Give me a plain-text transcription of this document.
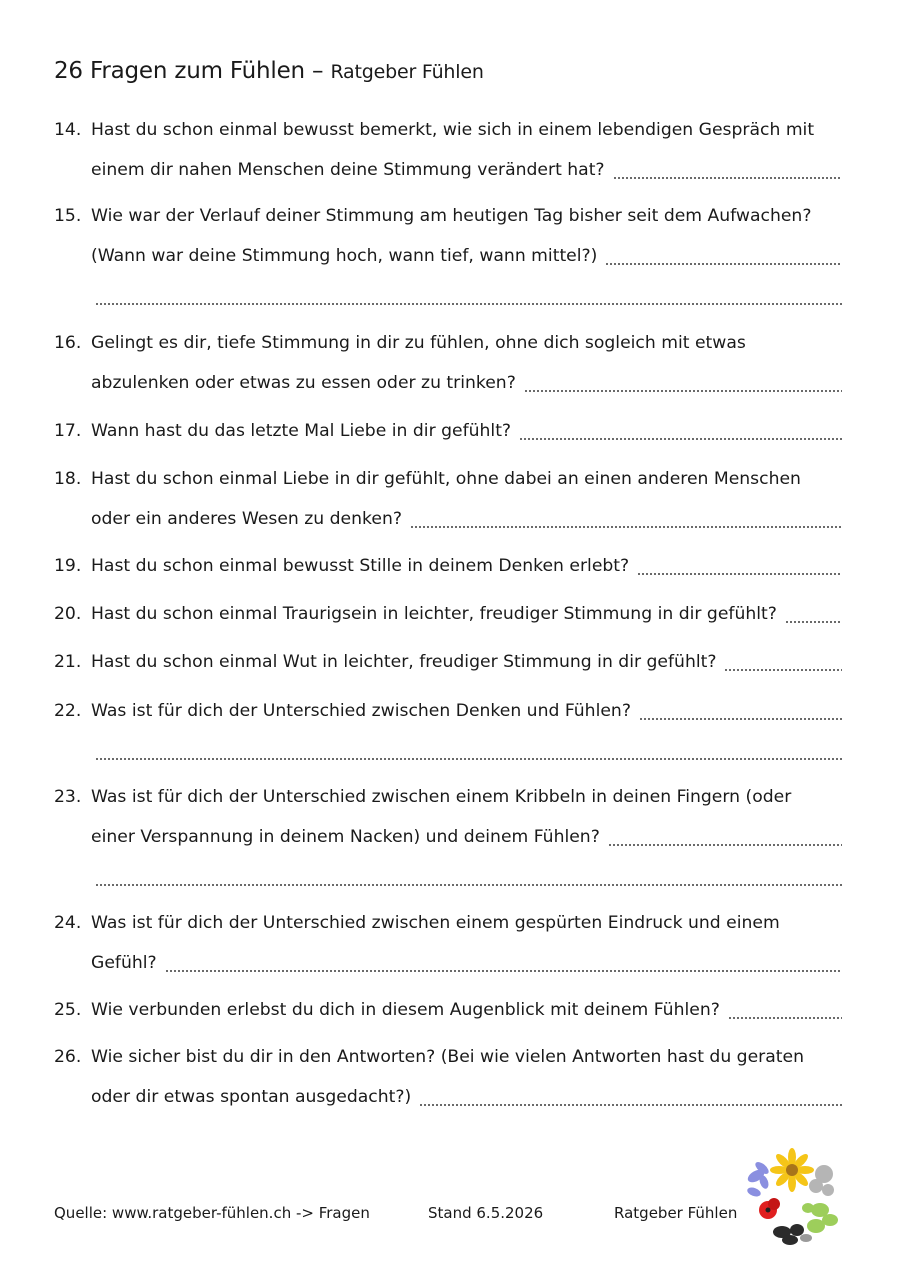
26 Fragen zum Fühlen – Ratgeber Fühlen
14. Hast du schon einmal bewusst bemerkt, wie sich in einem lebendigen Gespräch mit
einem dir nahen Menschen deine Stimmung verändert hat?
15. Wie war der Verlauf deiner Stimmung am heutigen Tag bisher seit dem Aufwachen?
(Wann war deine Stimmung hoch, wann tief, wann mittel?)
16. Gelingt es dir, tiefe Stimmung in dir zu fühlen, ohne dich sogleich mit etwas
abzulenken oder etwas zu essen oder zu trinken?
17. Wann hast du das letzte Mal Liebe in dir gefühlt?
18. Hast du schon einmal Liebe in dir gefühlt, ohne dabei an einen anderen Menschen
oder ein anderes Wesen zu denken?
19. Hast du schon einmal bewusst Stille in deinem Denken erlebt?
20. Hast du schon einmal Traurigsein in leichter, freudiger Stimmung in dir gefühlt?
21. Hast du schon einmal Wut in leichter, freudiger Stimmung in dir gefühlt?
22. Was ist für dich der Unterschied zwischen Denken und Fühlen?
23. Was ist für dich der Unterschied zwischen einem Kribbeln in deinen Fingern (oder
einer Verspannung in deinem Nacken) und deinem Fühlen?
24. Was ist für dich der Unterschied zwischen einem gespürten Eindruck und einem
Gefühl?
25. Wie verbunden erlebst du dich in diesem Augenblick mit deinem Fühlen?
26. Wie sicher bist du dir in den Antworten? (Bei wie vielen Antworten hast du geraten
oder dir etwas spontan ausgedacht?)
Quelle: www.ratgeber-fühlen.ch -> Fragen	Stand 6.5.2026	Ratgeber Fühlen
